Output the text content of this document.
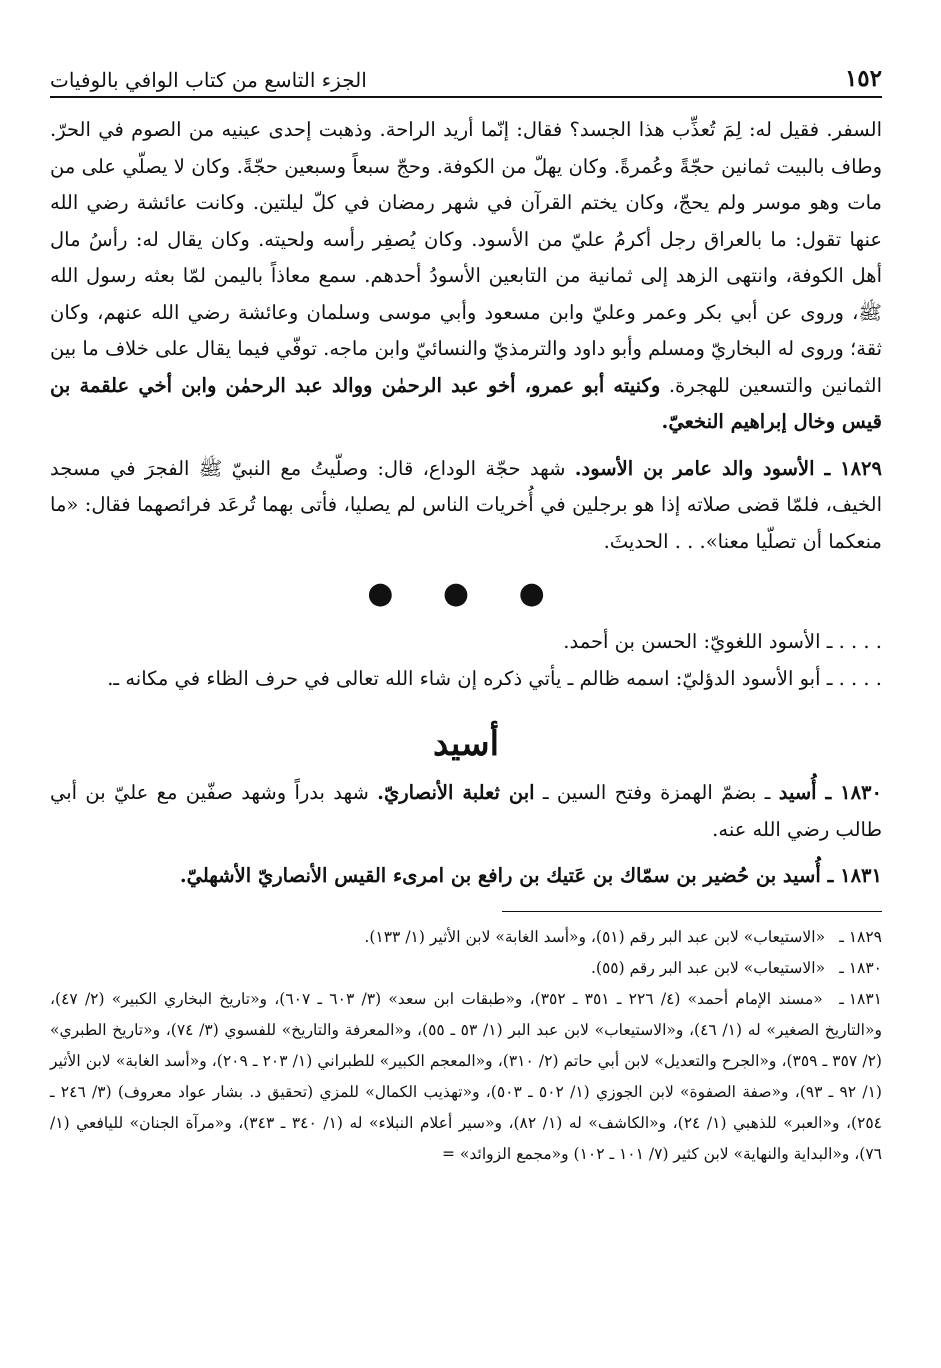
١٥٢
الجزء التاسع من كتاب الوافي بالوفيات

السفر. فقيل له: لِمَ تُعذِّب هذا الجسد؟ فقال: إنّما أريد الراحة. وذهبت إحدى عينيه من الصوم في الحرّ. وطاف بالبيت ثمانين حجّةً وعُمرةً. وكان يهلّ من الكوفة. وحجّ سبعاً وسبعين حجّةً. وكان لا يصلّي على من مات وهو موسر ولم يحجّ، وكان يختم القرآن في شهر رمضان في كلّ ليلتين. وكانت عائشة رضي الله عنها تقول: ما بالعراق رجل أكرمُ عليّ من الأسود. وكان يُصفِر رأسه ولحيته. وكان يقال له: رأسُ مال أهل الكوفة، وانتهى الزهد إلى ثمانية من التابعين الأسودُ أحدهم. سمع معاذاً باليمن لمّا بعثه رسول الله ﷺ، وروى عن أبي بكر وعمر وعليّ وابن مسعود وأبي موسى وسلمان وعائشة رضي الله عنهم، وكان ثقة؛ وروى له البخاريّ ومسلم وأبو داود والترمذيّ والنسائيّ وابن ماجه. توفّي فيما يقال على خلاف ما بين الثمانين والتسعين للهجرة. وكنيته أبو عمرو، أخو عبد الرحمٰن ووالد عبد الرحمٰن وابن أخي علقمة بن قيس وخال إبراهيم النخعيّ.

١٨٢٩ ـ الأسود والد عامر بن الأسود. شهد حجّة الوداع، قال: وصلّيتُ مع النبيّ ﷺ الفجرَ في مسجد الخيف، فلمّا قضى صلاته إذا هو برجلين في أُخريات الناس لم يصليا، فأتى بهما تُرعَد فرائصهما فقال: «ما منعكما أن تصلّيا معنا». . . الحديثَ.

● ● ●

. . . . ـ الأسود اللغويّ: الحسن بن أحمد.

. . . . ـ أبو الأسود الدؤليّ: اسمه ظالم ـ يأتي ذكره إن شاء الله تعالى في حرف الظاء في مكانه ـ.

أسيد

١٨٣٠ ـ أُسيد ـ بضمّ الهمزة وفتح السين ـ ابن ثعلبة الأنصاريّ. شهد بدراً وشهد صفّين مع عليّ بن أبي طالب رضي الله عنه.

١٨٣١ ـ أُسيد بن حُضير بن سمّاك بن عَتيك بن رافع بن امرىء القيس الأنصاريّ الأشهليّ.

١٨٢٩ ـ «الاستيعاب» لابن عبد البر رقم (٥١)، و«أسد الغابة» لابن الأثير (١/ ١٣٣).

١٨٣٠ ـ «الاستيعاب» لابن عبد البر رقم (٥٥).

١٨٣١ ـ «مسند الإمام أحمد» (٤/ ٢٢٦ ـ ٣٥١ ـ ٣٥٢)، و«طبقات ابن سعد» (٣/ ٦٠٣ ـ ٦٠٧)، و«تاريخ البخاري الكبير» (٢/ ٤٧)، و«التاريخ الصغير» له (١/ ٤٦)، و«الاستيعاب» لابن عبد البر (١/ ٥٣ ـ ٥٥)، و«المعرفة والتاريخ» للفسوي (٣/ ٧٤)، و«تاريخ الطبري» (٢/ ٣٥٧ ـ ٣٥٩)، و«الجرح والتعديل» لابن أبي حاتم (٢/ ٣١٠)، و«المعجم الكبير» للطبراني (١/ ٢٠٣ ـ ٢٠٩)، و«أسد الغابة» لابن الأثير (١/ ٩٢ ـ ٩٣)، و«صفة الصفوة» لابن الجوزي (١/ ٥٠٢ ـ ٥٠٣)، و«تهذيب الكمال» للمزي (تحقيق د. بشار عواد معروف) (٣/ ٢٤٦ ـ ٢٥٤)، و«العبر» للذهبي (١/ ٢٤)، و«الكاشف» له (١/ ٨٢)، و«سير أعلام النبلاء» له (١/ ٣٤٠ ـ ٣٤٣)، و«مرآة الجنان» لليافعي (١/ ٧٦)، و«البداية والنهاية» لابن كثير (٧/ ١٠١ ـ ١٠٢) و«مجمع الزوائد» =
